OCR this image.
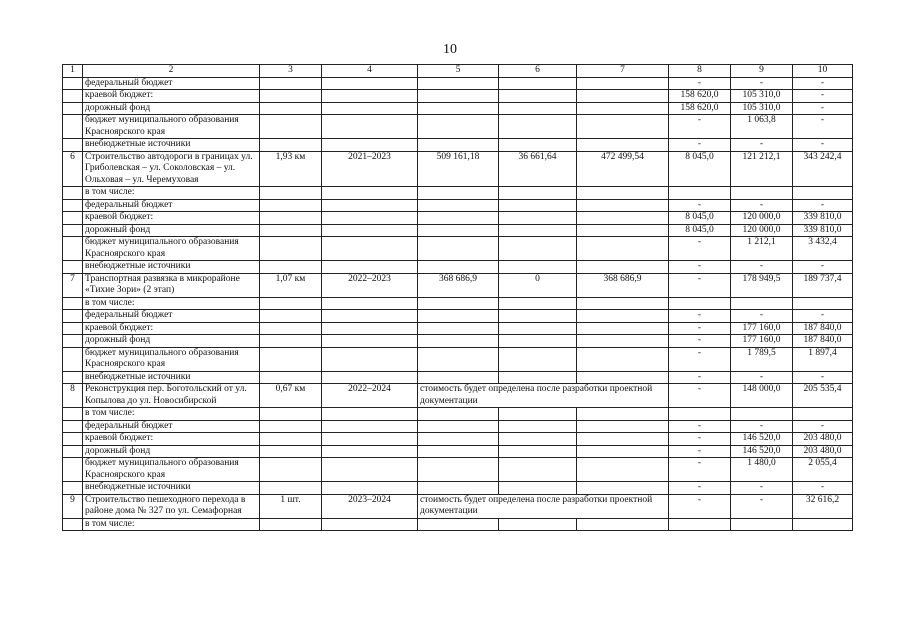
10
1	2	3	4	5	6	7	8	9	10
	федеральный бюджет						-	-	-
	краевой бюджет:						158 620,0	105 310,0	-
	дорожный фонд						158 620,0	105 310,0	-
	бюджет муниципального образования Красноярского края						-	1 063,8	-
	внебюджетные источники						-	-	-
6	Строительство автодороги в границах ул. Гриболевская – ул. Соколовская – ул. Ольховая – ул. Черемуховая	1,93 км	2021–2023	509 161,18	36 661,64	472 499,54	8 045,0	121 212,1	343 242,4
	в том числе:								
	федеральный бюджет						-	-	-
	краевой бюджет:						8 045,0	120 000,0	339 810,0
	дорожный фонд						8 045,0	120 000,0	339 810,0
	бюджет муниципального образования Красноярского края						-	1 212,1	3 432,4
	внебюджетные источники						-	-	-
7	Транспортная развязка в микрорайоне «Тихие Зори» (2 этап)	1,07 км	2022–2023	368 686,9	0	368 686,9	-	178 949,5	189 737,4
	в том числе:								
	федеральный бюджет						-	-	-
	краевой бюджет:						-	177 160,0	187 840,0
	дорожный фонд						-	177 160,0	187 840,0
	бюджет муниципального образования Красноярского края						-	1 789,5	1 897,4
	внебюджетные источники						-	-	-
8	Реконструкция пер. Боготольский от ул. Копылова до ул. Новосибирской	0,67 км	2022–2024	стоимость будет определена после разработки проектной документации			-	148 000,0	205 535,4
	в том числе:								
	федеральный бюджет						-	-	-
	краевой бюджет:						-	146 520,0	203 480,0
	дорожный фонд						-	146 520,0	203 480,0
	бюджет муниципального образования Красноярского края						-	1 480,0	2 055,4
	внебюджетные источники						-	-	-
9	Строительство пешеходного перехода в районе дома № 327 по ул. Семафорная	1 шт.	2023–2024	стоимость будет определена после разработки проектной документации			-	-	32 616,2
	в том числе:								
